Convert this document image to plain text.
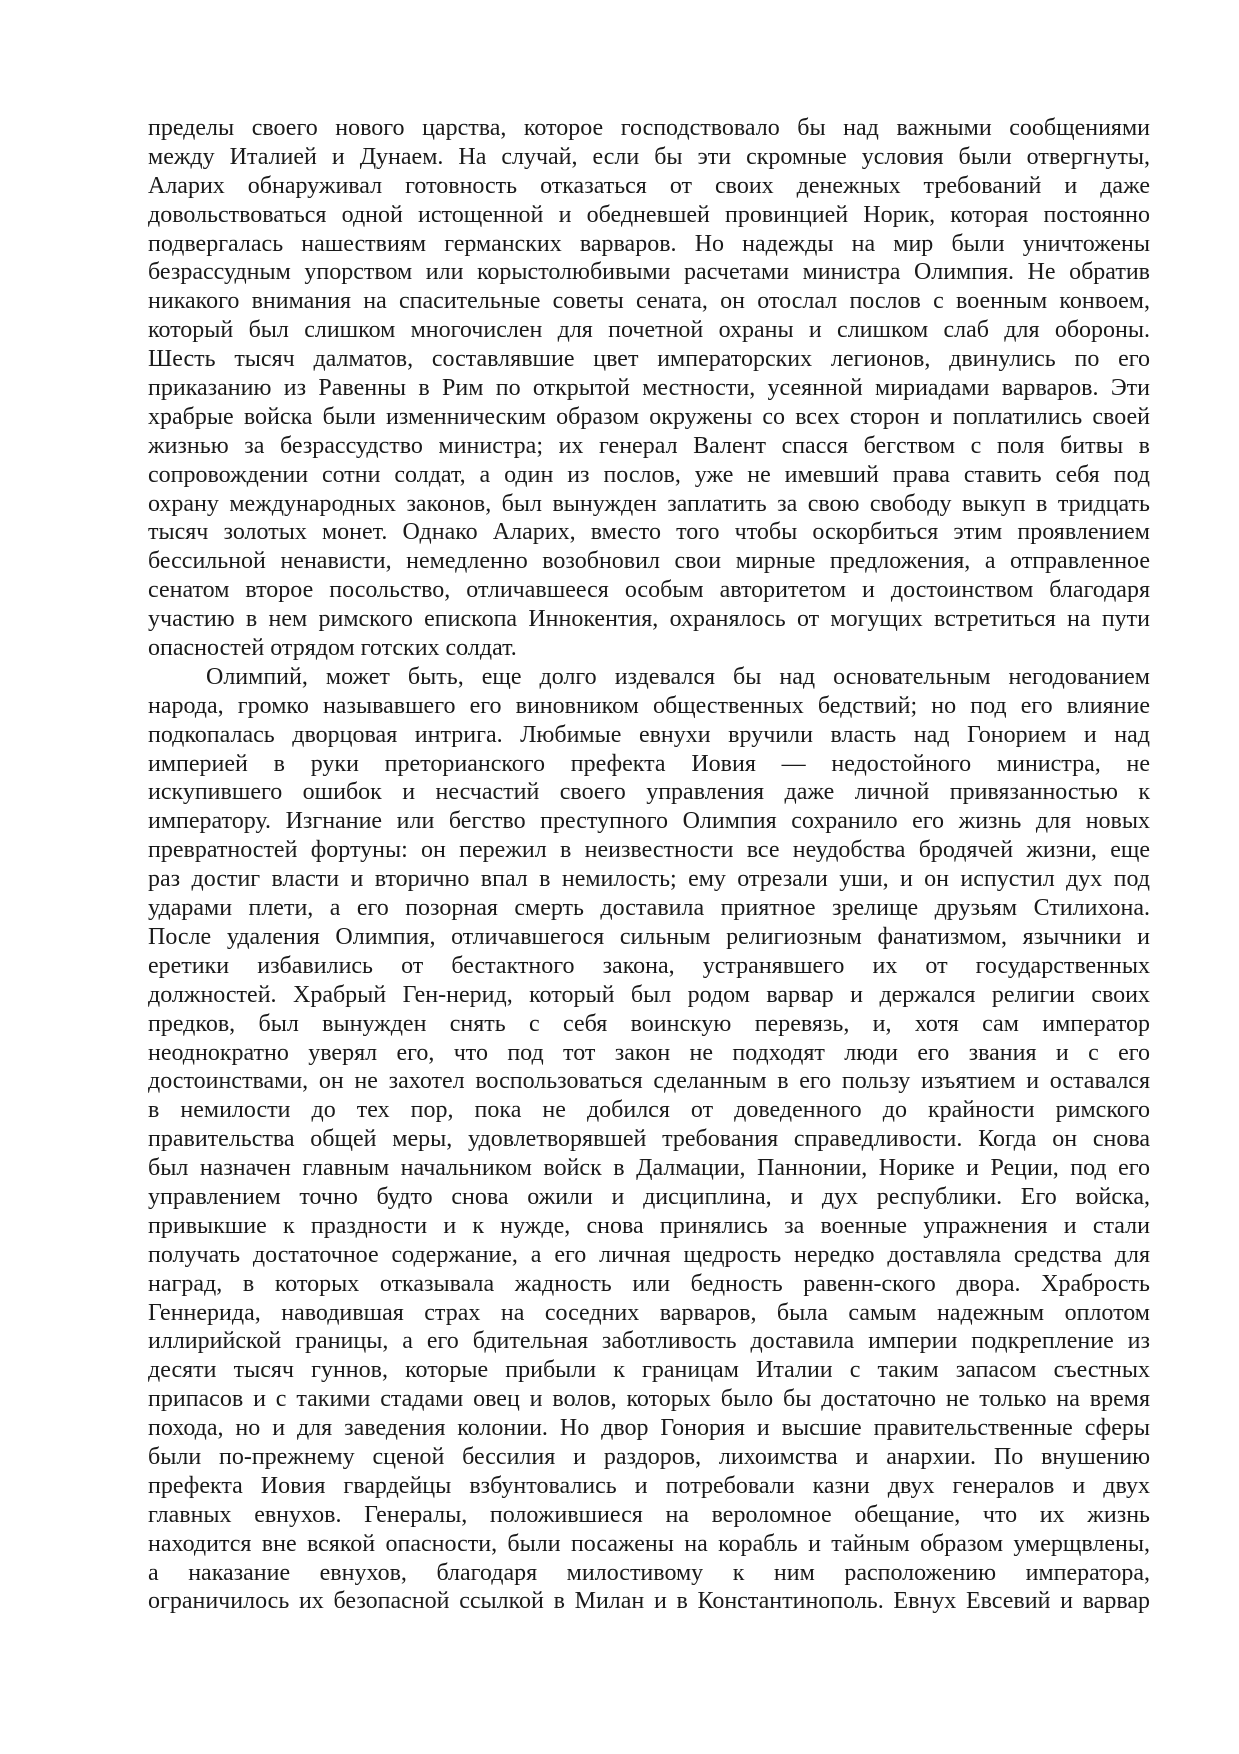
пределы своего нового царства, которое господствовало бы над важными сообщениями
между Италией и Дунаем. На случай, если бы эти скромные условия были отвергнуты,
Аларих обнаруживал готовность отказаться от своих денежных требований и даже
довольствоваться одной истощенной и обедневшей провинцией Норик, которая постоянно
подвергалась нашествиям германских варваров. Но надежды на мир были уничтожены
безрассудным упорством или корыстолюбивыми расчетами министра Олимпия. Не обратив
никакого внимания на спасительные советы сената, он отослал послов с военным конвоем,
который был слишком многочислен для почетной охраны и слишком слаб для обороны.
Шесть тысяч далматов, составлявшие цвет императорских легионов, двинулись по его
приказанию из Равенны в Рим по открытой местности, усеянной мириадами варваров. Эти
храбрые войска были изменническим образом окружены со всех сторон и поплатились своей
жизнью за безрассудство министра; их генерал Валент спасся бегством с поля битвы в
сопровождении сотни солдат, а один из послов, уже не имевший права ставить себя под
охрану международных законов, был вынужден заплатить за свою свободу выкуп в тридцать
тысяч золотых монет. Однако Аларих, вместо того чтобы оскорбиться этим проявлением
бессильной ненависти, немедленно возобновил свои мирные предложения, а отправленное
сенатом второе посольство, отличавшееся особым авторитетом и достоинством благодаря
участию в нем римского епископа Иннокентия, охранялось от могущих встретиться на пути
опасностей отрядом готских солдат.
Олимпий, может быть, еще долго издевался бы над основательным негодованием
народа, громко называвшего его виновником общественных бедствий; но под его влияние
подкопалась дворцовая интрига. Любимые евнухи вручили власть над Гонорием и над
империей в руки преторианского префекта Иовия — недостойного министра, не
искупившего ошибок и несчастий своего управления даже личной привязанностью к
императору. Изгнание или бегство преступного Олимпия сохранило его жизнь для новых
превратностей фортуны: он пережил в неизвестности все неудобства бродячей жизни, еще
раз достиг власти и вторично впал в немилость; ему отрезали уши, и он испустил дух под
ударами плети, а его позорная смерть доставила приятное зрелище друзьям Стилихона.
После удаления Олимпия, отличавшегося сильным религиозным фанатизмом, язычники и
еретики избавились от бестактного закона, устранявшего их от государственных
должностей. Храбрый Ген-нерид, который был родом варвар и держался религии своих
предков, был вынужден снять с себя воинскую перевязь, и, хотя сам император
неоднократно уверял его, что под тот закон не подходят люди его звания и с его
достоинствами, он не захотел воспользоваться сделанным в его пользу изъятием и оставался
в немилости до тех пор, пока не добился от доведенного до крайности римского
правительства общей меры, удовлетворявшей требования справедливости. Когда он снова
был назначен главным начальником войск в Далмации, Паннонии, Норике и Реции, под его
управлением точно будто снова ожили и дисциплина, и дух республики. Его войска,
привыкшие к праздности и к нужде, снова принялись за военные упражнения и стали
получать достаточное содержание, а его личная щедрость нередко доставляла средства для
наград, в которых отказывала жадность или бедность равенн-ского двора. Храбрость
Геннерида, наводившая страх на соседних варваров, была самым надежным оплотом
иллирийской границы, а его бдительная заботливость доставила империи подкрепление из
десяти тысяч гуннов, которые прибыли к границам Италии с таким запасом съестных
припасов и с такими стадами овец и волов, которых было бы достаточно не только на время
похода, но и для заведения колонии. Но двор Гонория и высшие правительственные сферы
были по-прежнему сценой бессилия и раздоров, лихоимства и анархии. По внушению
префекта Иовия гвардейцы взбунтовались и потребовали казни двух генералов и двух
главных евнухов. Генералы, положившиеся на вероломное обещание, что их жизнь
находится вне всякой опасности, были посажены на корабль и тайным образом умерщвлены,
а наказание евнухов, благодаря милостивому к ним расположению императора,
ограничилось их безопасной ссылкой в Милан и в Константинополь. Евнух Евсевий и варвар
